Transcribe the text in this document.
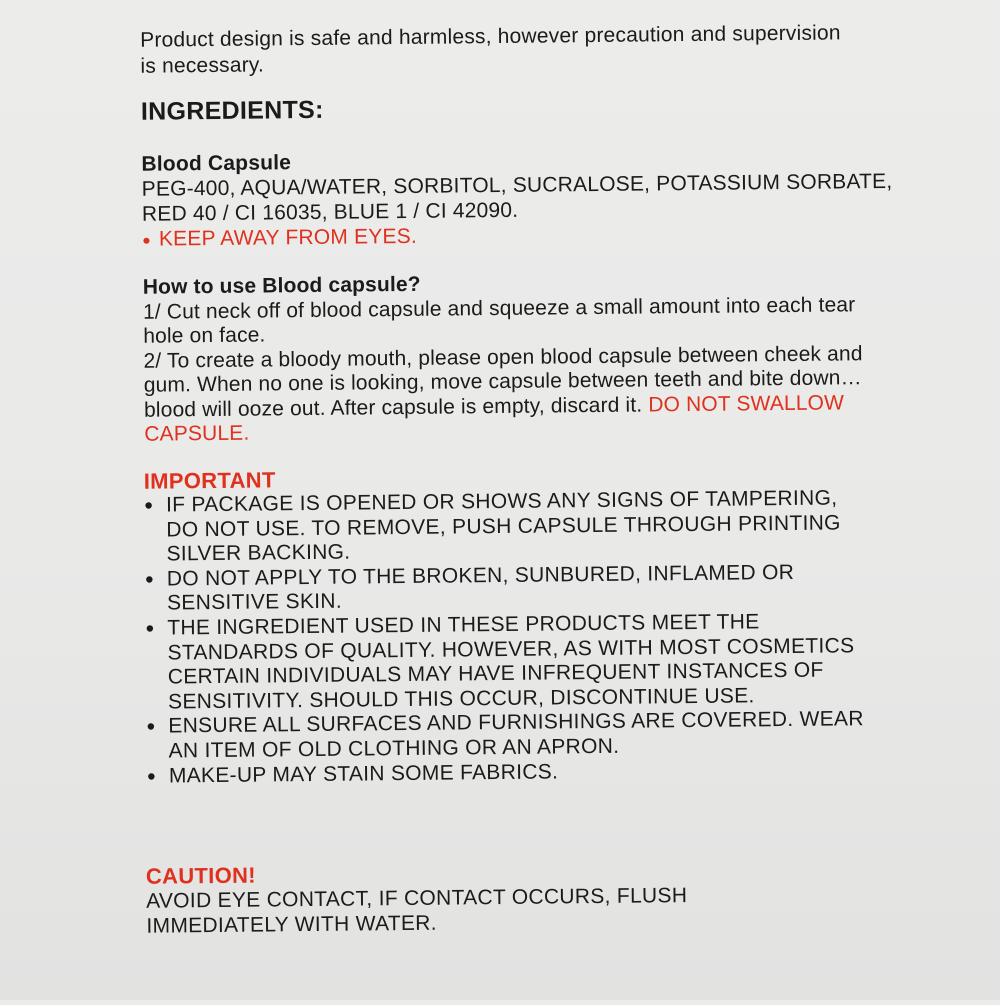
Product design is safe and harmless, however precaution and supervision is necessary.

INGREDIENTS:
Blood Capsule
PEG-400, AQUA/WATER, SORBITOL, SUCRALOSE, POTASSIUM SORBATE, RED 40 / CI 16035, BLUE 1 / CI 42090.
● KEEP AWAY FROM EYES.
How to use Blood capsule?
1/ Cut neck off of blood capsule and squeeze a small amount into each tear hole on face.
2/ To create a bloody mouth, please open blood capsule between cheek and gum. When no one is looking, move capsule between teeth and bite down… blood will ooze out. After capsule is empty, discard it. DO NOT SWALLOW CAPSULE.
IMPORTANT
● IF PACKAGE IS OPENED OR SHOWS ANY SIGNS OF TAMPERING, DO NOT USE. TO REMOVE, PUSH CAPSULE THROUGH PRINTING SILVER BACKING.
● DO NOT APPLY TO THE BROKEN, SUNBURED, INFLAMED OR SENSITIVE SKIN.
● THE INGREDIENT USED IN THESE PRODUCTS MEET THE STANDARDS OF QUALITY. HOWEVER, AS WITH MOST COSMETICS CERTAIN INDIVIDUALS MAY HAVE INFREQUENT INSTANCES OF SENSITIVITY. SHOULD THIS OCCUR, DISCONTINUE USE.
● ENSURE ALL SURFACES AND FURNISHINGS ARE COVERED. WEAR AN ITEM OF OLD CLOTHING OR AN APRON.
● MAKE-UP MAY STAIN SOME FABRICS.
CAUTION!
AVOID EYE CONTACT, IF CONTACT OCCURS, FLUSH IMMEDIATELY WITH WATER.
